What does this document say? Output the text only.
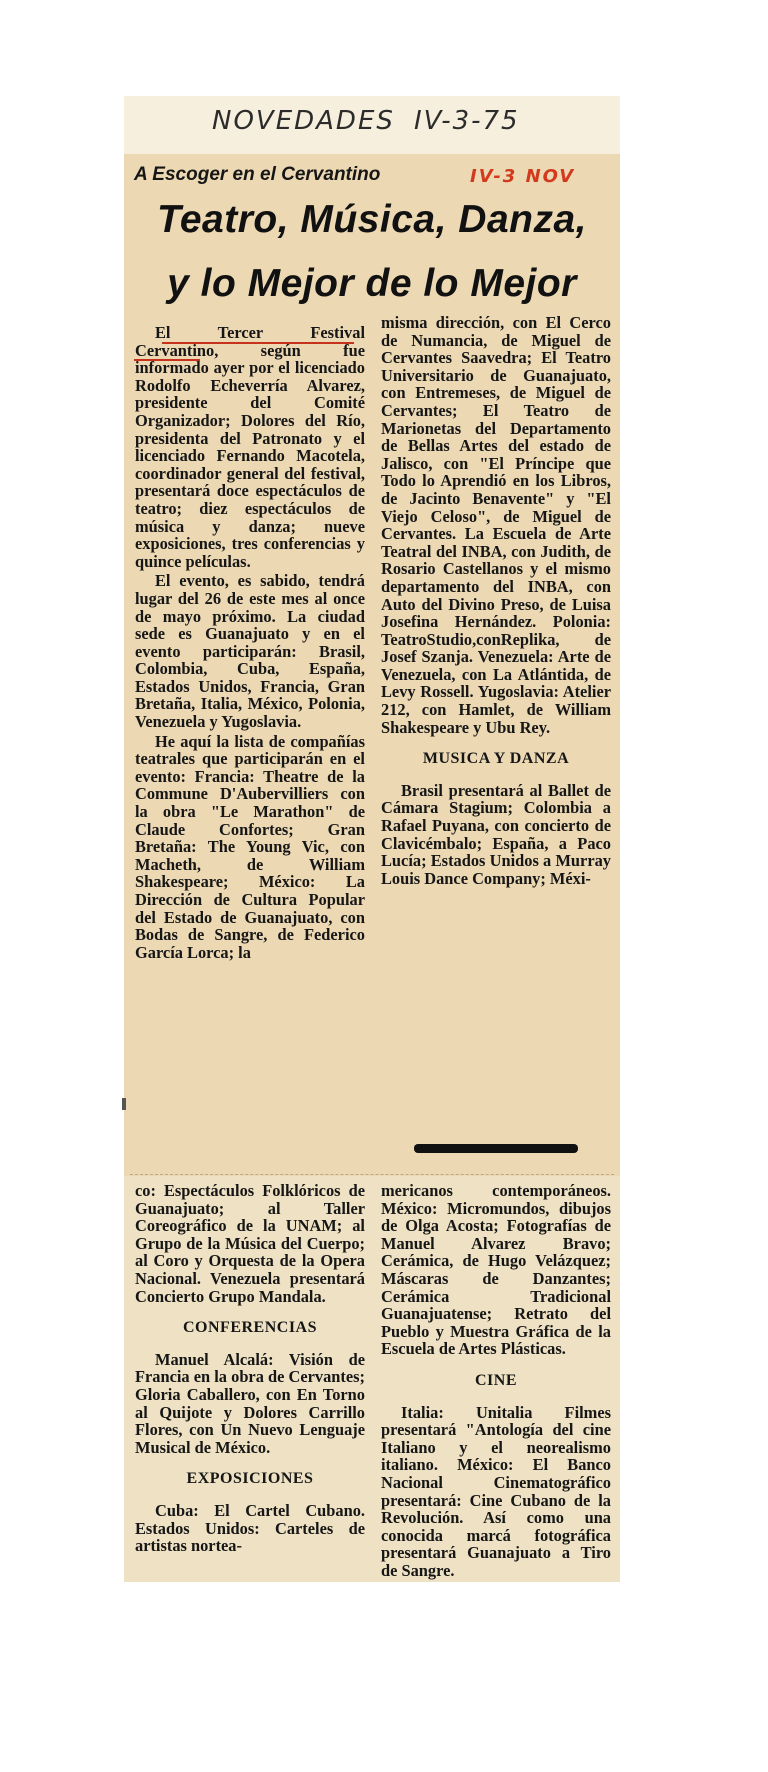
NOVEDADES IV-3-75
IV-3 NOV
A Escoger en el Cervantino
Teatro, Música, Danza,
y lo Mejor de lo Mejor

El Tercer Festival Cervantino, según fue informado ayer por el licenciado Rodolfo Echeverría Alvarez, presidente del Comité Organizador; Dolores del Río, presidenta del Patronato y el licenciado Fernando Macotela, coordinador general del festival, presentará doce espectáculos de teatro; diez espectáculos de música y danza; nueve exposiciones, tres conferencias y quince películas.

El evento, es sabido, tendrá lugar del 26 de este mes al once de mayo próximo. La ciudad sede es Guanajuato y en el evento participarán: Brasil, Colombia, Cuba, España, Estados Unidos, Francia, Gran Bretaña, Italia, México, Polonia, Venezuela y Yugoslavia.

He aquí la lista de compañías teatrales que participarán en el evento: Francia: Theatre de la Commune D'Aubervilliers con la obra "Le Marathon" de Claude Confortes; Gran Bretaña: The Young Vic, con Macheth, de William Shakespeare; México: La Dirección de Cultura Popular del Estado de Guanajuato, con Bodas de Sangre, de Federico García Lorca; la

misma dirección, con El Cerco de Numancia, de Miguel de Cervantes Saavedra; El Teatro Universitario de Guanajuato, con Entremeses, de Miguel de Cervantes; El Teatro de Marionetas del Departamento de Bellas Artes del estado de Jalisco, con "El Príncipe que Todo lo Aprendió en los Libros, de Jacinto Benavente" y "El Viejo Celoso", de Miguel de Cervantes. La Escuela de Arte Teatral del INBA, con Judith, de Rosario Castellanos y el mismo departamento del INBA, con Auto del Divino Preso, de Luisa Josefina Hernández. Polonia: TeatroStudio,conReplika, de Josef Szanja. Venezuela: Arte de Venezuela, con La Atlántida, de Levy Rossell. Yugoslavia: Atelier 212, con Hamlet, de William Shakespeare y Ubu Rey.

MUSICA Y DANZA

Brasil presentará al Ballet de Cámara Stagium; Colombia a Rafael Puyana, con concierto de Clavicémbalo; España, a Paco Lucía; Estados Unidos a Murray Louis Dance Company; Méxi-

co: Espectáculos Folklóricos de Guanajuato; al Taller Coreográfico de la UNAM; al Grupo de la Música del Cuerpo; al Coro y Orquesta de la Opera Nacional. Venezuela presentará Concierto Grupo Mandala.

CONFERENCIAS

Manuel Alcalá: Visión de Francia en la obra de Cervantes; Gloria Caballero, con En Torno al Quijote y Dolores Carrillo Flores, con Un Nuevo Lenguaje Musical de México.

EXPOSICIONES

Cuba: El Cartel Cubano. Estados Unidos: Carteles de artistas nortea-

mericanos contemporáneos. México: Micromundos, dibujos de Olga Acosta; Fotografías de Manuel Alvarez Bravo; Cerámica, de Hugo Velázquez; Máscaras de Danzantes; Cerámica Tradicional Guanajuatense; Retrato del Pueblo y Muestra Gráfica de la Escuela de Artes Plásticas.

CINE

Italia: Unitalia Filmes presentará "Antología del cine Italiano y el neorealismo italiano. México: El Banco Nacional Cinematográfico presentará: Cine Cubano de la Revolución. Así como una conocida marcá fotográfica presentará Guanajuato a Tiro de Sangre.
